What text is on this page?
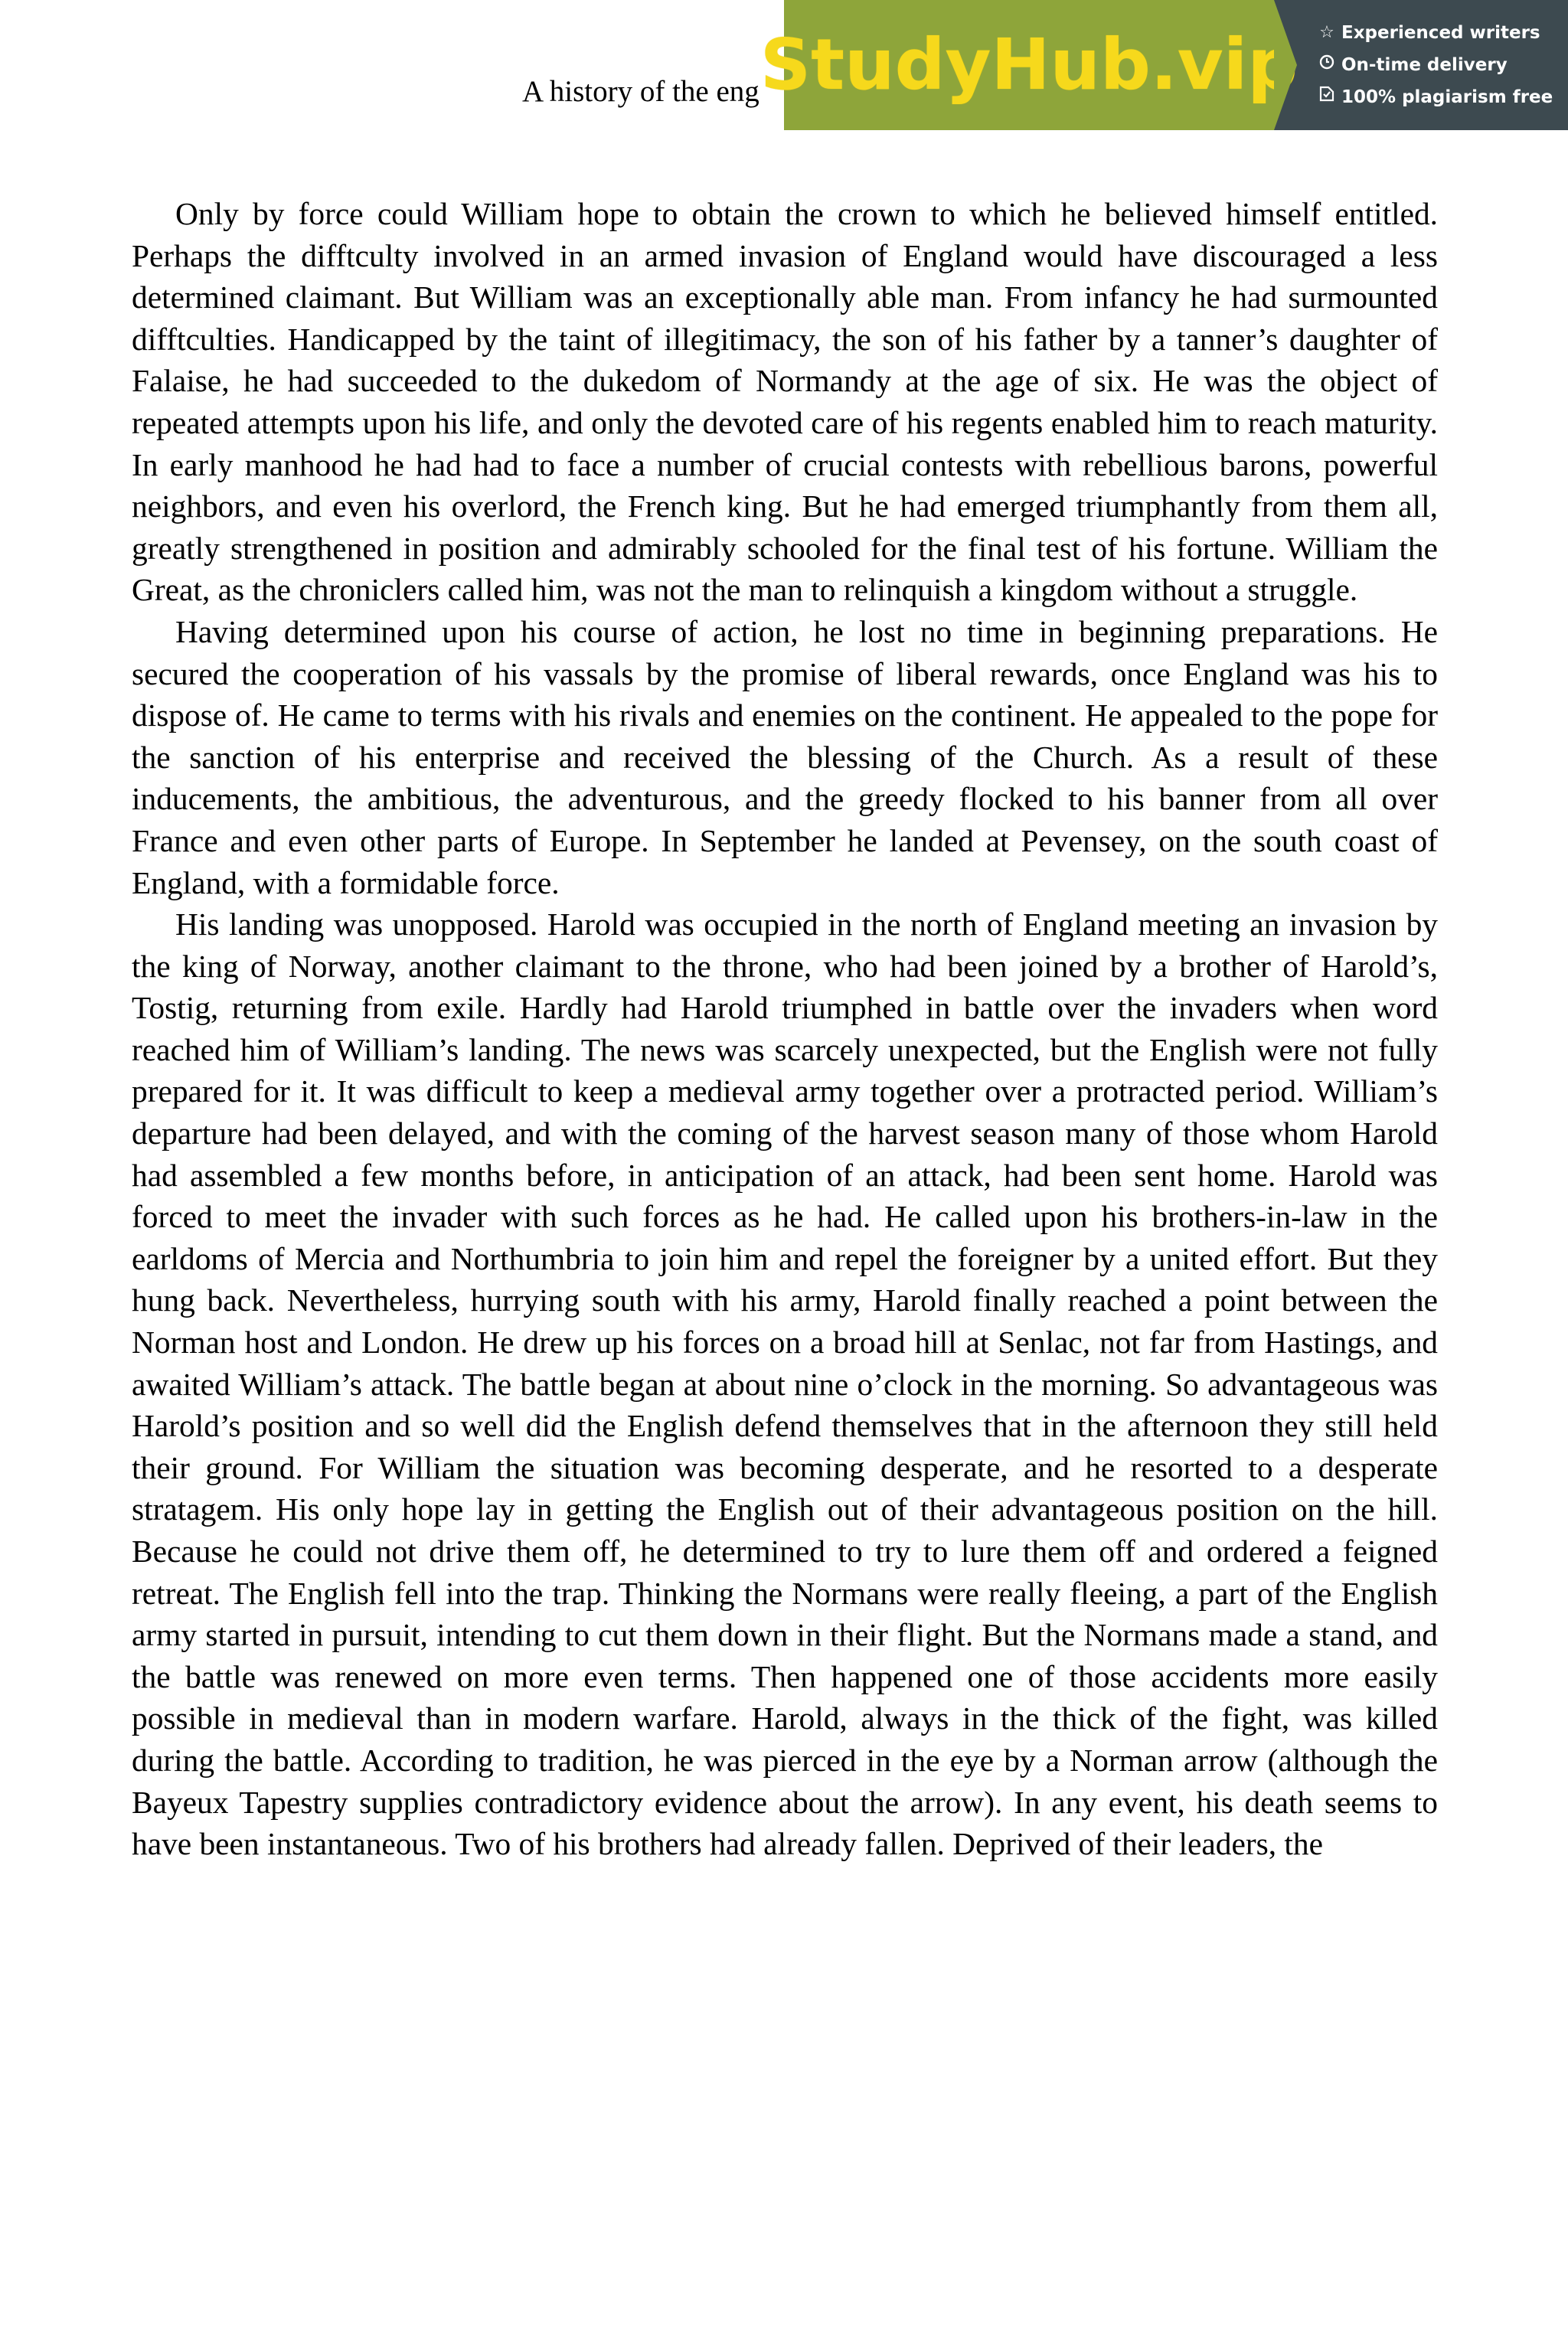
A history of the eng StudyHub.vip ☆ Experienced writers
On-time delivery
100% plagiarism free

Only by force could William hope to obtain the crown to which he believed himself entitled. Perhaps the difftculty involved in an armed invasion of England would have discouraged a less determined claimant. But William was an exceptionally able man. From infancy he had surmounted difftculties. Handicapped by the taint of illegitimacy, the son of his father by a tanner’s daughter of Falaise, he had succeeded to the dukedom of Normandy at the age of six. He was the object of repeated attempts upon his life, and only the devoted care of his regents enabled him to reach maturity. In early manhood he had had to face a number of crucial contests with rebellious barons, powerful neighbors, and even his overlord, the French king. But he had emerged triumphantly from them all, greatly strengthened in position and admirably schooled for the final test of his fortune. William the Great, as the chroniclers called him, was not the man to relinquish a kingdom without a struggle.

Having determined upon his course of action, he lost no time in beginning preparations. He secured the cooperation of his vassals by the promise of liberal rewards, once England was his to dispose of. He came to terms with his rivals and enemies on the continent. He appealed to the pope for the sanction of his enterprise and received the blessing of the Church. As a result of these inducements, the ambitious, the adventurous, and the greedy flocked to his banner from all over France and even other parts of Europe. In September he landed at Pevensey, on the south coast of England, with a formidable force.

His landing was unopposed. Harold was occupied in the north of England meeting an invasion by the king of Norway, another claimant to the throne, who had been joined by a brother of Harold’s, Tostig, returning from exile. Hardly had Harold triumphed in battle over the invaders when word reached him of William’s landing. The news was scarcely unexpected, but the English were not fully prepared for it. It was difficult to keep a medieval army together over a protracted period. William’s departure had been delayed, and with the coming of the harvest season many of those whom Harold had assembled a few months before, in anticipation of an attack, had been sent home. Harold was forced to meet the invader with such forces as he had. He called upon his brothers-in-law in the earldoms of Mercia and Northumbria to join him and repel the foreigner by a united effort. But they hung back. Nevertheless, hurrying south with his army, Harold finally reached a point between the Norman host and London. He drew up his forces on a broad hill at Senlac, not far from Hastings, and awaited William’s attack. The battle began at about nine o’clock in the morning. So advantageous was Harold’s position and so well did the English defend themselves that in the afternoon they still held their ground. For William the situation was becoming desperate, and he resorted to a desperate stratagem. His only hope lay in getting the English out of their advantageous position on the hill. Because he could not drive them off, he determined to try to lure them off and ordered a feigned retreat. The English fell into the trap. Thinking the Normans were really fleeing, a part of the English army started in pursuit, intending to cut them down in their flight. But the Normans made a stand, and the battle was renewed on more even terms. Then happened one of those accidents more easily possible in medieval than in modern warfare. Harold, always in the thick of the fight, was killed during the battle. According to tradition, he was pierced in the eye by a Norman arrow (although the Bayeux Tapestry supplies contradictory evidence about the arrow). In any event, his death seems to have been instantaneous. Two of his brothers had already fallen. Deprived of their leaders, the
